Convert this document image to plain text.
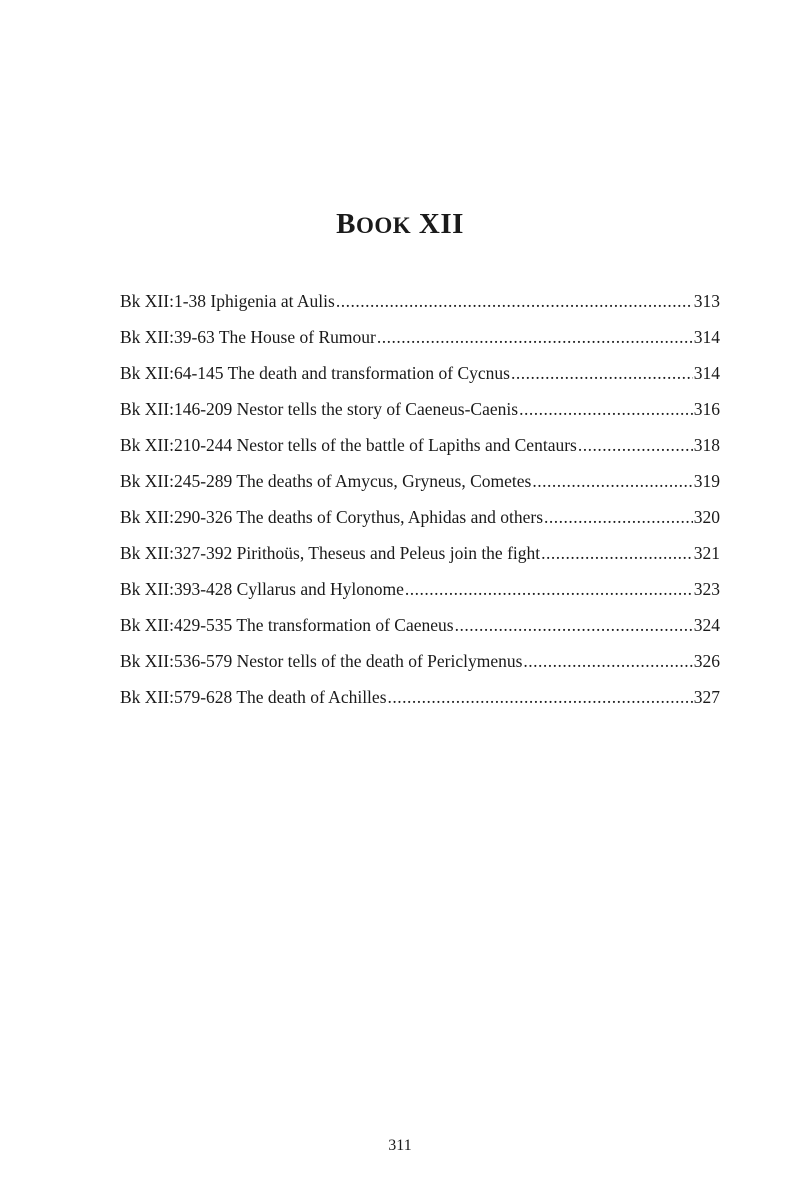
BOOK XII
Bk XII:1-38 Iphigenia at Aulis .....	313
Bk XII:39-63 The House of Rumour .....	314
Bk XII:64-145 The death and transformation of Cycnus .....	314
Bk XII:146-209 Nestor tells the story of Caeneus-Caenis .....	316
Bk XII:210-244 Nestor tells of the battle of Lapiths and Centaurs .....	318
Bk XII:245-289 The deaths of Amycus, Gryneus, Cometes .....	319
Bk XII:290-326 The deaths of Corythus, Aphidas and others .....	320
Bk XII:327-392 Pirithoüs, Theseus and Peleus join the fight .....	321
Bk XII:393-428 Cyllarus and Hylonome .....	323
Bk XII:429-535 The transformation of Caeneus .....	324
Bk XII:536-579 Nestor tells of the death of Periclymenus .....	326
Bk XII:579-628 The death of Achilles .....	327
311
